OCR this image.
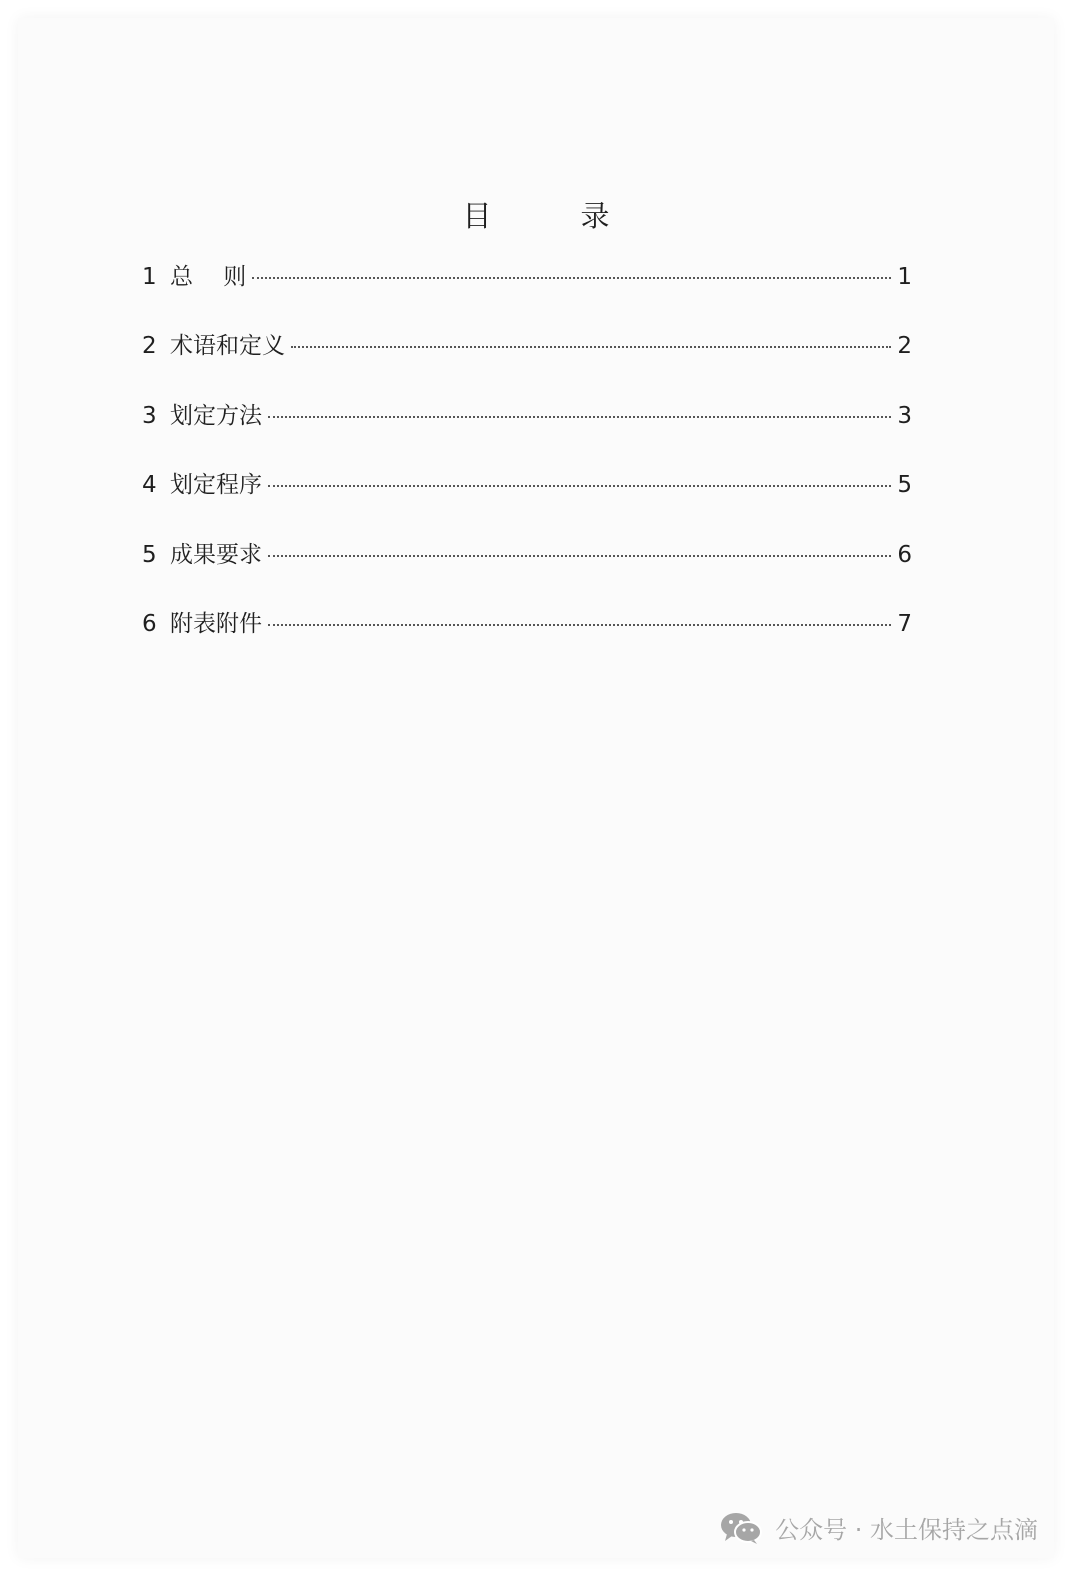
目　录
1 总　 则	1
2 术语和定义	2
3 划定方法	3
4 划定程序	5
5 成果要求	6
6 附表附件	7
公众号 · 水土保持之点滴
